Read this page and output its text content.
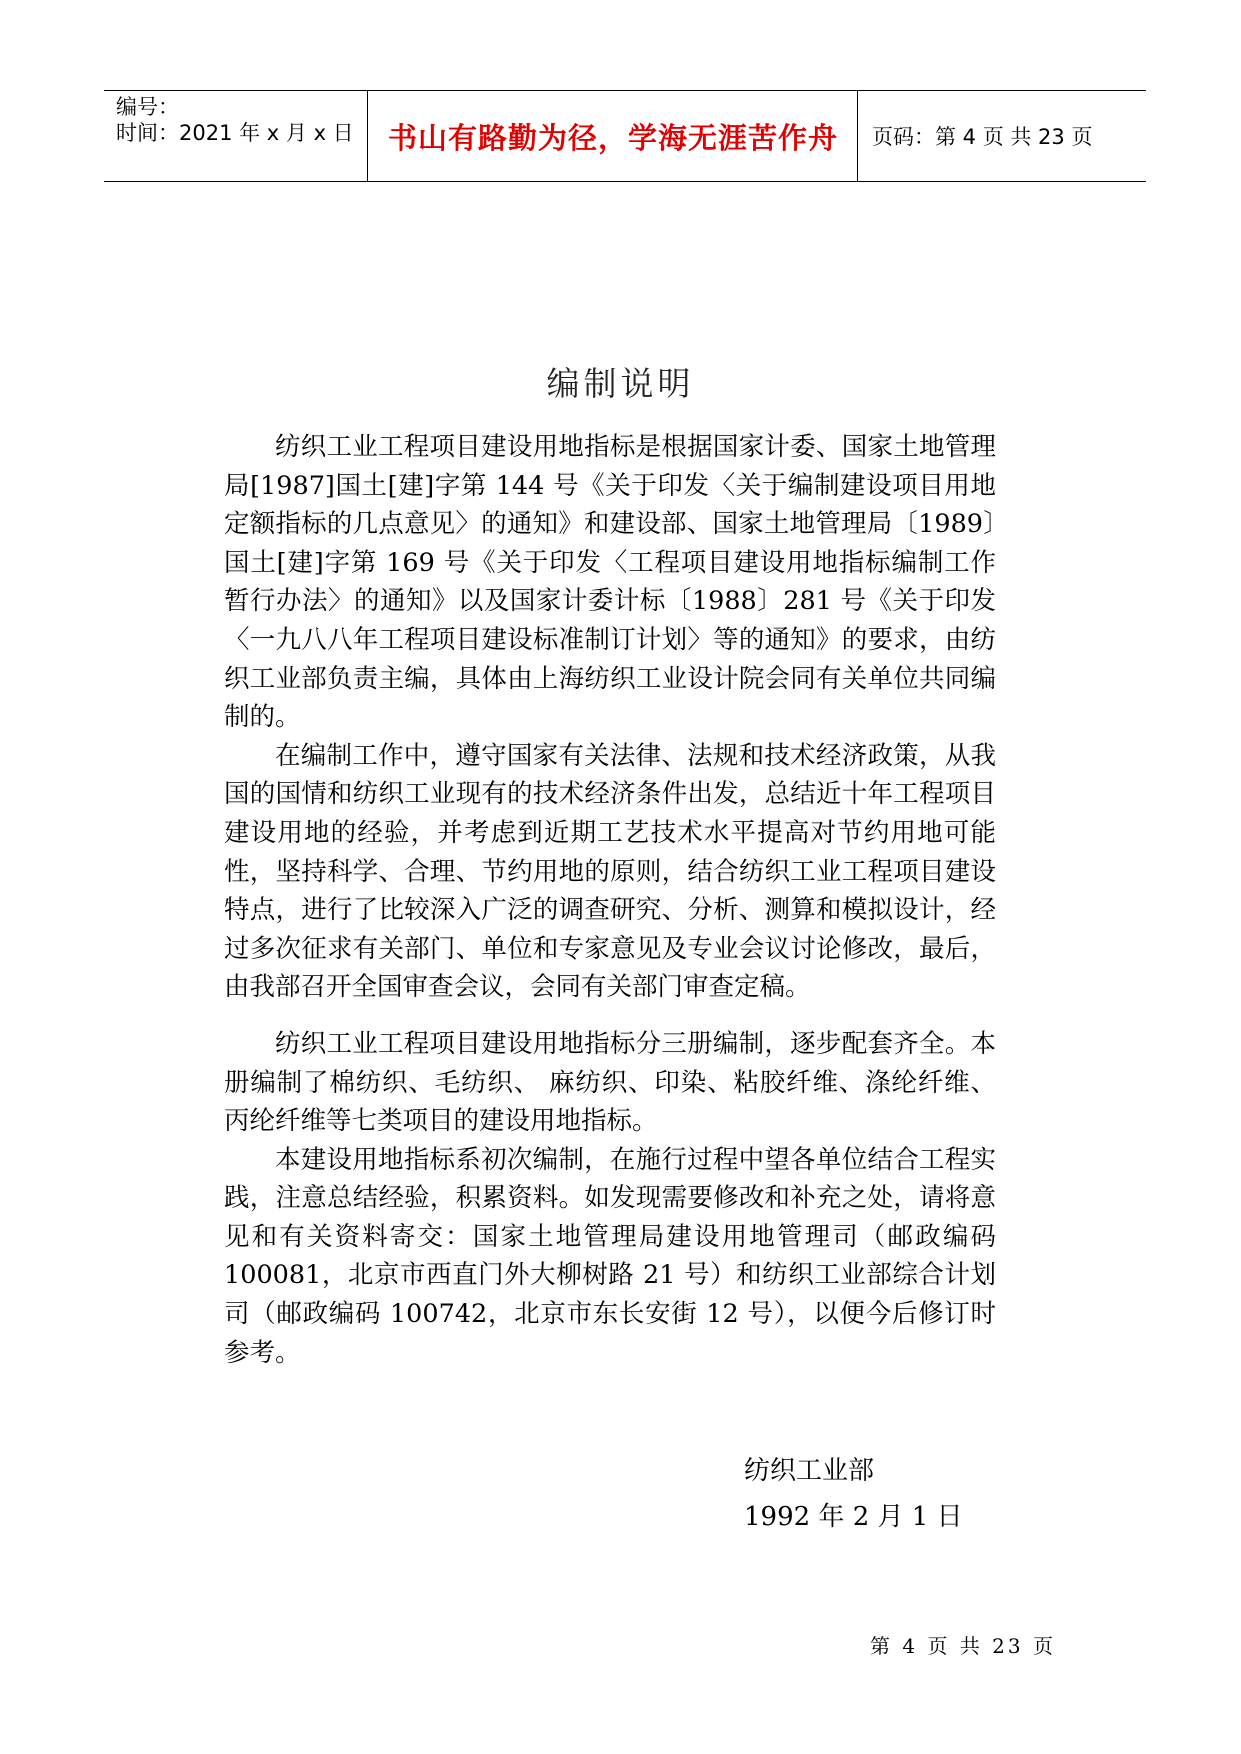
编号：
时间：2021 年 x 月 x 日	书山有路勤为径，学海无涯苦作舟	页码：第 4 页 共 23 页
编制说明

纺织工业工程项目建设用地指标是根据国家计委、国家土地管理局[1987]国土[建]字第 144 号《关于印发〈关于编制建设项目用地定额指标的几点意见〉的通知》和建设部、国家土地管理局〔1989〕国土[建]字第 169 号《关于印发〈工程项目建设用地指标编制工作暂行办法〉的通知》以及国家计委计标〔1988〕281 号《关于印发〈一九八八年工程项目建设标准制订计划〉等的通知》的要求，由纺织工业部负责主编，具体由上海纺织工业设计院会同有关单位共同编制的。

在编制工作中，遵守国家有关法律、法规和技术经济政策，从我国的国情和纺织工业现有的技术经济条件出发，总结近十年工程项目建设用地的经验，并考虑到近期工艺技术水平提高对节约用地可能性，坚持科学、合理、节约用地的原则，结合纺织工业工程项目建设特点，进行了比较深入广泛的调查研究、分析、测算和模拟设计，经过多次征求有关部门、单位和专家意见及专业会议讨论修改，最后，由我部召开全国审查会议，会同有关部门审查定稿。

纺织工业工程项目建设用地指标分三册编制，逐步配套齐全。本册编制了棉纺织、毛纺织、 麻纺织、印染、粘胶纤维、涤纶纤维、丙纶纤维等七类项目的建设用地指标。

本建设用地指标系初次编制，在施行过程中望各单位结合工程实践，注意总结经验，积累资料。如发现需要修改和补充之处，请将意见和有关资料寄交：国家土地管理局建设用地管理司（邮政编码 100081，北京市西直门外大柳树路 21 号）和纺织工业部综合计划司（邮政编码 100742，北京市东长安街 12 号），以便今后修订时参考。

纺织工业部
1992 年 2 月 1 日
第 4 页 共 23 页
